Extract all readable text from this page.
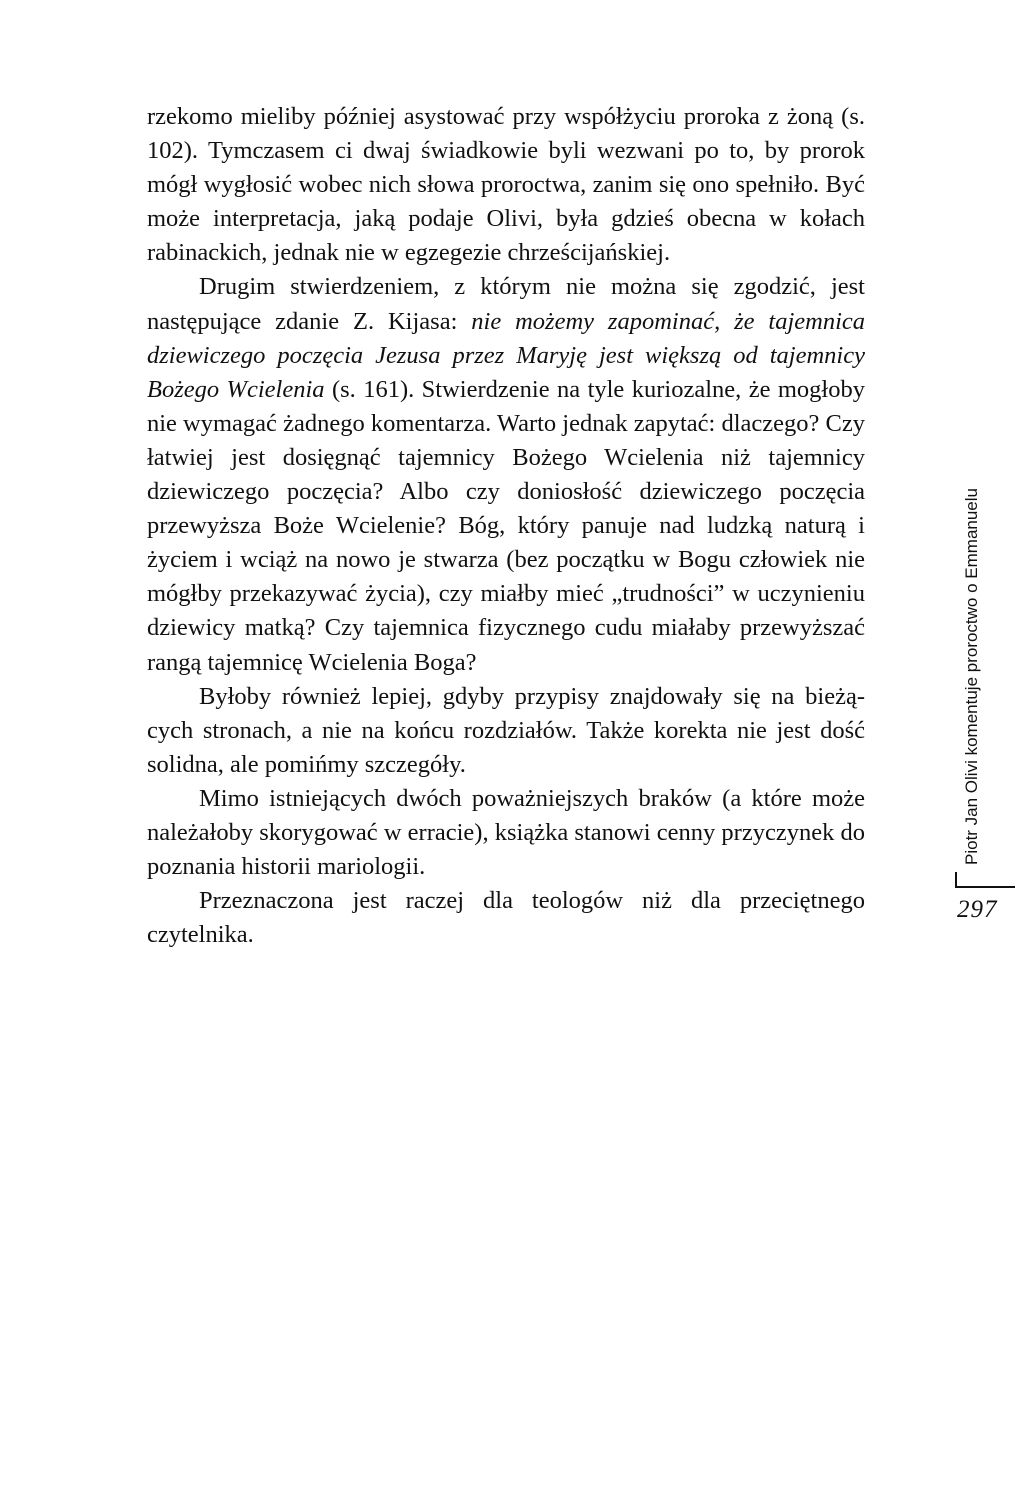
rzekomo mieliby później asystować przy współżyciu proroka z żoną (s. 102). Tymczasem ci dwaj świadkowie byli wezwani po to, by prorok mógł wygłosić wobec nich słowa proroctwa, zanim się ono spełniło. Być może interpretacja, jaką podaje Olivi, była gdzieś obecna w kołach rabinackich, jednak nie w egzegezie chrześcijańskiej.

Drugim stwierdzeniem, z którym nie można się zgodzić, jest następujące zdanie Z. Kijasa: nie możemy zapominać, że tajemnica dziewiczego poczęcia Jezusa przez Maryję jest większą od tajemnicy Bożego Wcielenia (s. 161). Stwierdzenie na tyle kuriozalne, że mogłoby nie wymagać żadnego komentarza. Warto jednak zapytać: dlaczego? Czy łatwiej jest dosięgnąć tajemnicy Bożego Wcielenia niż tajemnicy dziewiczego poczęcia? Albo czy doniosłość dziewiczego poczęcia przewyższa Boże Wcielenie? Bóg, który panuje nad ludzką naturą i życiem i wciąż na nowo je stwarza (bez początku w Bogu człowiek nie mógłby przekazywać życia), czy miałby mieć „trudności” w uczynieniu dziewicy matką? Czy tajemnica fizycznego cudu miałaby przewyższać rangą tajemnicę Wcielenia Boga?

Byłoby również lepiej, gdyby przypisy znajdowały się na bieżących stronach, a nie na końcu rozdziałów. Także korekta nie jest dość solidna, ale pomińmy szczegóły.

Mimo istniejących dwóch poważniejszych braków (a które może należałoby skorygować w erracie), książka stanowi cenny przyczynek do poznania historii mariologii.

Przeznaczona jest raczej dla teologów niż dla przeciętnego czytelnika.

Piotr Jan Olivi komentuje proroctwo o Emmanuelu
297
